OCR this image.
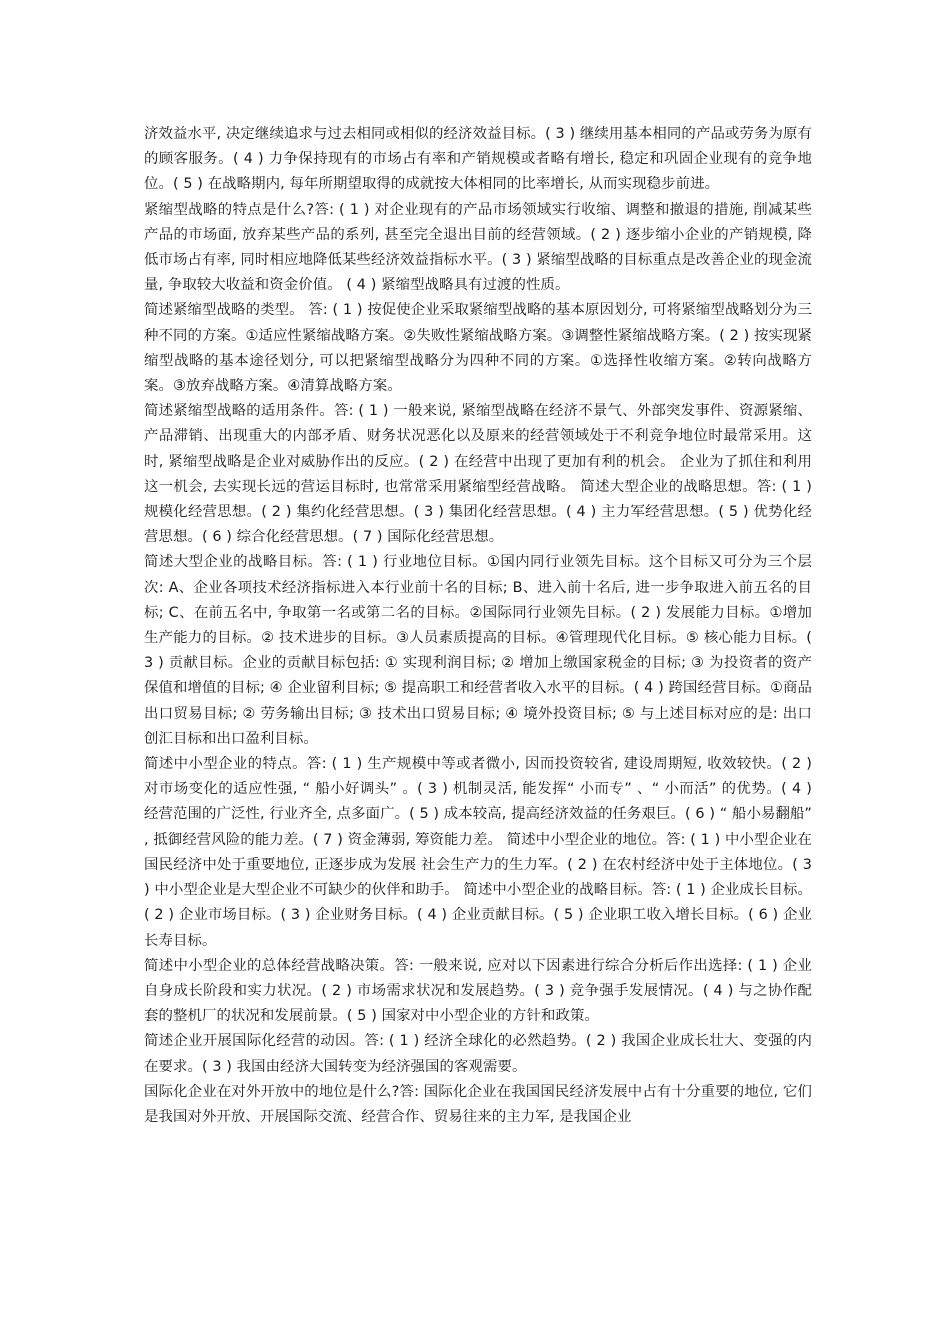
济效益水平, 决定继续追求与过去相同或相似的经济效益目标。( 3 ) 继续用基本相同的产品或劳务为原有的顾客服务。( 4 ) 力争保持现有的市场占有率和产销规模或者略有增长, 稳定和巩固企业现有的竞争地位。( 5 ) 在战略期内, 每年所期望取得的成就按大体相同的比率增长, 从而实现稳步前进。

紧缩型战略的特点是什么?答: ( 1 ) 对企业现有的产品市场领域实行收缩、调整和撤退的措施, 削减某些产品的市场面, 放弃某些产品的系列, 甚至完全退出目前的经营领域。( 2 ) 逐步缩小企业的产销规模, 降低市场占有率, 同时相应地降低某些经济效益指标水平。( 3 ) 紧缩型战略的目标重点是改善企业的现金流量, 争取较大收益和资金价值。 ( 4 ) 紧缩型战略具有过渡的性质。

简述紧缩型战略的类型。 答: ( 1 ) 按促使企业采取紧缩型战略的基本原因划分, 可将紧缩型战略划分为三种不同的方案。①适应性紧缩战略方案。②失败性紧缩战略方案。③调整性紧缩战略方案。( 2 ) 按实现紧缩型战略的基本途径划分, 可以把紧缩型战略分为四种不同的方案。①选择性收缩方案。②转向战略方案。③放弃战略方案。④清算战略方案。

简述紧缩型战略的适用条件。答: ( 1 ) 一般来说, 紧缩型战略在经济不景气、外部突发事件、资源紧缩、产品滞销、出现重大的内部矛盾、财务状况恶化以及原来的经营领域处于不利竞争地位时最常采用。这时, 紧缩型战略是企业对威胁作出的反应。( 2 ) 在经营中出现了更加有利的机会。 企业为了抓住和利用这一机会, 去实现长远的营运目标时, 也常常采用紧缩型经营战略。 简述大型企业的战略思想。答: ( 1 ) 规模化经营思想。( 2 ) 集约化经营思想。( 3 ) 集团化经营思想。( 4 ) 主力军经营思想。( 5 ) 优势化经营思想。( 6 ) 综合化经营思想。( 7 ) 国际化经营思想。

简述大型企业的战略目标。答: ( 1 ) 行业地位目标。①国内同行业领先目标。这个目标又可分为三个层次: A、企业各项技术经济指标进入本行业前十名的目标; B、进入前十名后, 进一步争取进入前五名的目标; C、在前五名中, 争取第一名或第二名的目标。②国际同行业领先目标。( 2 ) 发展能力目标。①增加生产能力的目标。② 技术进步的目标。③人员素质提高的目标。④管理现代化目标。⑤ 核心能力目标。( 3 ) 贡献目标。企业的贡献目标包括: ① 实现利润目标; ② 增加上缴国家税金的目标; ③ 为投资者的资产保值和增值的目标; ④ 企业留利目标; ⑤ 提高职工和经营者收入水平的目标。( 4 ) 跨国经营目标。①商品出口贸易目标; ② 劳务输出目标; ③ 技术出口贸易目标; ④ 境外投资目标; ⑤ 与上述目标对应的是: 出口创汇目标和出口盈利目标。

简述中小型企业的特点。答: ( 1 ) 生产规模中等或者微小, 因而投资较省, 建设周期短, 收效较快。( 2 ) 对市场变化的适应性强, “ 船小好调头” 。( 3 ) 机制灵活, 能发挥“ 小而专” 、“ 小而活” 的优势。( 4 ) 经营范围的广泛性, 行业齐全, 点多面广。( 5 ) 成本较高, 提高经济效益的任务艰巨。( 6 ) “ 船小易翻船” , 抵御经营风险的能力差。( 7 ) 资金薄弱, 筹资能力差。 简述中小型企业的地位。答: ( 1 ) 中小型企业在国民经济中处于重要地位, 正逐步成为发展 社会生产力的生力军。( 2 ) 在农村经济中处于主体地位。( 3 ) 中小型企业是大型企业不可缺少的伙伴和助手。 简述中小型企业的战略目标。答: ( 1 ) 企业成长目标。( 2 ) 企业市场目标。( 3 ) 企业财务目标。( 4 ) 企业贡献目标。( 5 ) 企业职工收入增长目标。( 6 ) 企业长寿目标。

简述中小型企业的总体经营战略决策。答: 一般来说, 应对以下因素进行综合分析后作出选择: ( 1 ) 企业自身成长阶段和实力状况。( 2 ) 市场需求状况和发展趋势。( 3 ) 竞争强手发展情况。( 4 ) 与之协作配套的整机厂的状况和发展前景。( 5 ) 国家对中小型企业的方针和政策。

简述企业开展国际化经营的动因。答: ( 1 ) 经济全球化的必然趋势。( 2 ) 我国企业成长壮大、变强的内在要求。( 3 ) 我国由经济大国转变为经济强国的客观需要。

国际化企业在对外开放中的地位是什么?答: 国际化企业在我国国民经济发展中占有十分重要的地位, 它们是我国对外开放、开展国际交流、经营合作、贸易往来的主力军, 是我国企业
